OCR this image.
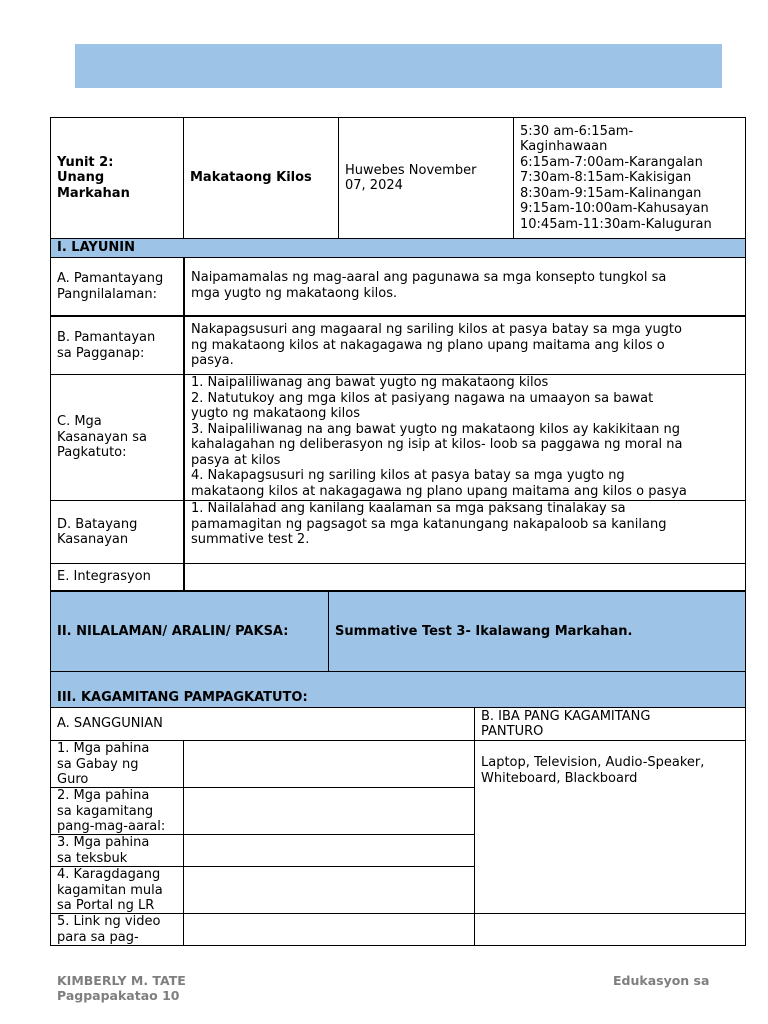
Yunit 2:
Unang
Markahan
Makataong Kilos
Huwebes November
07, 2024
5:30 am-6:15am-
Kaginhawaan
6:15am-7:00am-Karangalan
7:30am-8:15am-Kakisigan
8:30am-9:15am-Kalinangan
9:15am-10:00am-Kahusayan
10:45am-11:30am-Kaluguran
I. LAYUNIN
A. Pamantayang
Pangnilalaman:
Naipamamalas ng mag-aaral ang pagunawa sa mga konsepto tungkol sa
mga yugto ng makataong kilos.
B. Pamantayan
sa Pagganap:
Nakapagsusuri ang magaaral ng sariling kilos at pasya batay sa mga yugto
ng makataong kilos at nakagagawa ng plano upang maitama ang kilos o
pasya.
C. Mga
Kasanayan sa
Pagkatuto:
1. Naipaliliwanag ang bawat yugto ng makataong kilos
2. Natutukoy ang mga kilos at pasiyang nagawa na umaayon sa bawat
yugto ng makataong kilos
3. Naipaliliwanag na ang bawat yugto ng makataong kilos ay kakikitaan ng
kahalagahan ng deliberasyon ng isip at kilos- loob sa paggawa ng moral na
pasya at kilos
4. Nakapagsusuri ng sariling kilos at pasya batay sa mga yugto ng
makataong kilos at nakagagawa ng plano upang maitama ang kilos o pasya
D. Batayang
Kasanayan
1. Nailalahad ang kanilang kaalaman sa mga paksang tinalakay sa
pamamagitan ng pagsagot sa mga katanungang nakapaloob sa kanilang
summative test 2.
E. Integrasyon
II. NILALAMAN/ ARALIN/ PAKSA:	Summative Test 3- Ikalawang Markahan.
III. KAGAMITANG PAMPAGKATUTO:
A. SANGGUNIAN
B. IBA PANG KAGAMITANG
PANTURO
1. Mga pahina
sa Gabay ng
Guro
2. Mga pahina
sa kagamitang
pang-mag-aaral:
3. Mga pahina
sa teksbuk
4. Karagdagang
kagamitan mula
sa Portal ng LR
Laptop, Television, Audio-Speaker,
Whiteboard, Blackboard
5. Link ng video
para sa pag-
KIMBERLY M. TATE
Pagpapakatao 10
Edukasyon sa
